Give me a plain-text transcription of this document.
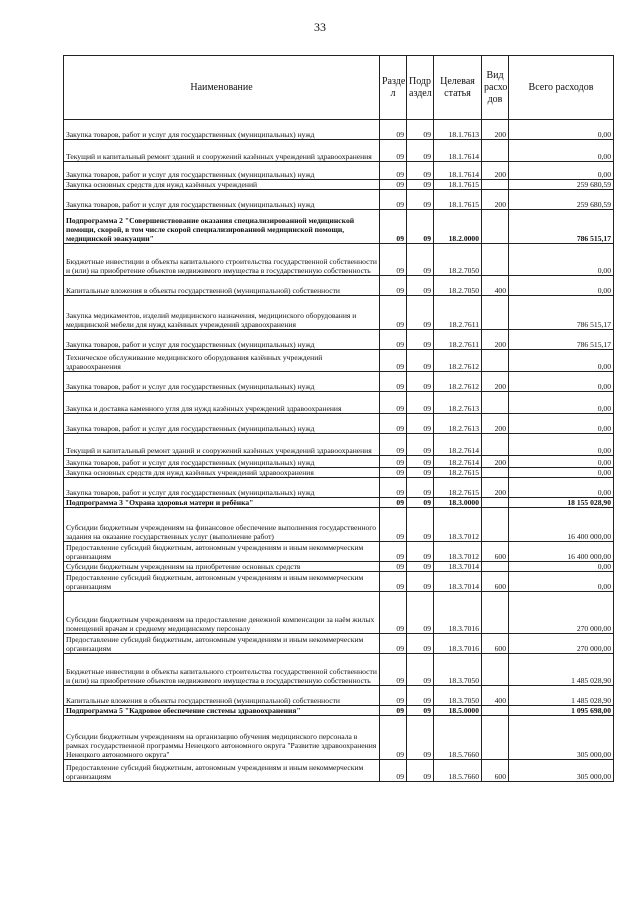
33
Наименование	Разде л	Подр аздел	Целевая статья	Вид расхо дов	Всего расходов
Закупка товаров, работ и услуг для государственных (муниципальных) нужд	09	09	18.1.7613	200	0,00
Текущий и капитальный ремонт зданий и сооружений казённых учреждений здравоохранения	09	09	18.1.7614		0,00
Закупка товаров, работ и услуг для государственных (муниципальных) нужд	09	09	18.1.7614	200	0,00
Закупка основных средств для нужд казённых учреждений	09	09	18.1.7615		259 680,59
Закупка товаров, работ и услуг для государственных (муниципальных) нужд	09	09	18.1.7615	200	259 680,59
Подпрограмма 2 "Совершенствование оказания специализированной медицинской помощи, скорой, в том числе скорой специализированной медицинской помощи, медицинской эвакуации"	09	09	18.2.0000		786 515,17
Бюджетные инвестиции в объекты капитального строительства государственной собственности и (или) на приобретение объектов недвижимого имущества в государственную собственность	09	09	18.2.7050		0,00
Капитальные вложения в объекты государственной (муниципальной) собственности	09	09	18.2.7050	400	0,00
Закупка медикаментов, изделий медицинского назначения, медицинского оборудования и медицинской мебели для нужд казённых учреждений здравоохранения	09	09	18.2.7611		786 515,17
Закупка товаров, работ и услуг для государственных (муниципальных) нужд	09	09	18.2.7611	200	786 515,17
Техническое обслуживание медицинского оборудования казённых учреждений здравоохранения	09	09	18.2.7612		0,00
Закупка товаров, работ и услуг для государственных (муниципальных) нужд	09	09	18.2.7612	200	0,00
Закупка и доставка каменного угля для нужд казённых учреждений здравоохранения	09	09	18.2.7613		0,00
Закупка товаров, работ и услуг для государственных (муниципальных) нужд	09	09	18.2.7613	200	0,00
Текущий и капитальный ремонт зданий и сооружений казённых учреждений здравоохранения	09	09	18.2.7614		0,00
Закупка товаров, работ и услуг для государственных (муниципальных) нужд	09	09	18.2.7614	200	0,00
Закупка основных средств для нужд казённых учреждений здравоохранения	09	09	18.2.7615		0,00
Закупка товаров, работ и услуг для государственных (муниципальных) нужд	09	09	18.2.7615	200	0,00
Подпрограмма 3 "Охрана здоровья матери и ребёнка"	09	09	18.3.0000		18 155 028,90
Субсидии бюджетным учреждениям на финансовое обеспечение выполнения государственного задания на оказание государственных услуг (выполнение работ)	09	09	18.3.7012		16 400 000,00
Предоставление субсидий бюджетным, автономным учреждениям и иным некоммерческим организациям	09	09	18.3.7012	600	16 400 000,00
Субсидии бюджетным учреждениям на приобретение основных средств	09	09	18.3.7014		0,00
Предоставление субсидий бюджетным, автономным учреждениям и иным некоммерческим организациям	09	09	18.3.7014	600	0,00
Субсидии бюджетным учреждениям на предоставление денежной компенсации за наём жилых помещений врачам и среднему медицинскому персоналу	09	09	18.3.7016		270 000,00
Предоставление субсидий бюджетным, автономным учреждениям и иным некоммерческим организациям	09	09	18.3.7016	600	270 000,00
Бюджетные инвестиции в объекты капитального строительства государственной собственности и (или) на приобретение объектов недвижимого имущества в государственную собственность	09	09	18.3.7050		1 485 028,90
Капитальные вложения в объекты государственной (муниципальной) собственности	09	09	18.3.7050	400	1 485 028,90
Подпрограмма 5 "Кадровое обеспечение системы здравоохранения"	09	09	18.5.0000		1 095 698,00
Субсидии бюджетным учреждениям на организацию обучения медицинского персонала в рамках государственной программы Ненецкого автономного округа "Развитие здравоохранения Ненецкого автономного округа"	09	09	18.5.7660		305 000,00
Предоставление субсидий бюджетным, автономным учреждениям и иным некоммерческим организациям	09	09	18.5.7660	600	305 000,00
